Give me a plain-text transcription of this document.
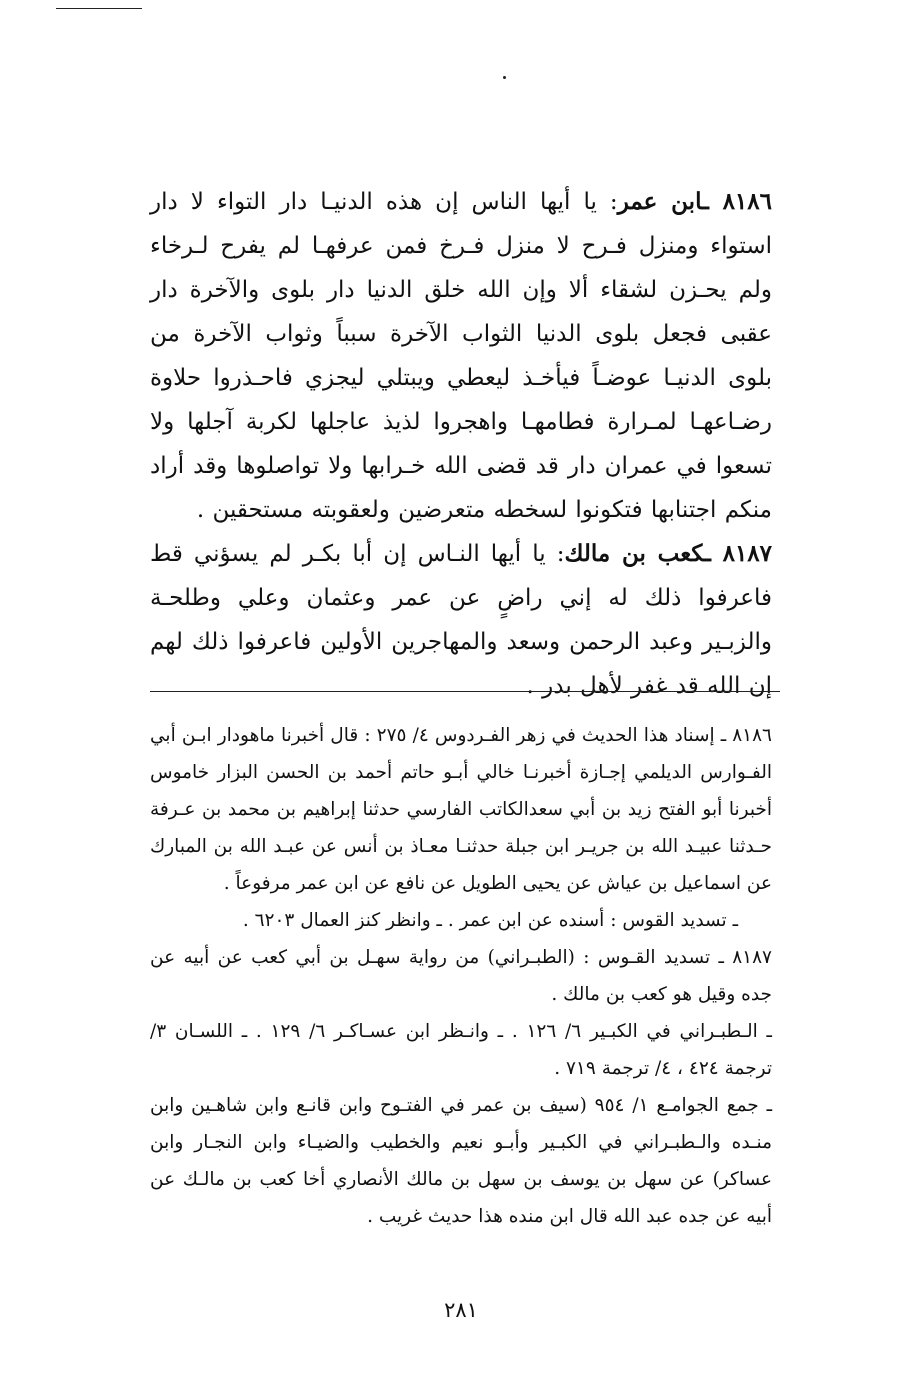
٨١٨٦ ـابن عمر: يا أيها الناس إن هذه الدنيـا دار التواء لا دار استواء ومنزل فـرح لا منزل فـرخ فمن عرفهـا لم يفرح لـرخاء ولم يحـزن لشقاء ألا وإن الله خلق الدنيا دار بلوى والآخرة دار عقبى فجعل بلوى الدنيا الثواب الآخرة سبباً وثواب الآخرة من بلوى الدنيـا عوضـاً فيأخـذ ليعطي ويبتلي ليجزي فاحـذروا حلاوة رضـاعهـا لمـرارة فطامهـا واهجروا لذيذ عاجلها لكربة آجلها ولا تسعوا في عمران دار قد قضى الله خـرابها ولا تواصلوها وقد أراد منكم اجتنابها فتكونوا لسخطه متعرضين ولعقوبته مستحقين .

٨١٨٧ ـكعب بن مالك: يا أيها النـاس إن أبا بكـر لم يسؤني قط فاعرفوا ذلك له إني راضٍ عن عمر وعثمان وعلي وطلحـة والزبـير وعبد الرحمن وسعد والمهاجرين الأولين فاعرفوا ذلك لهم إن الله قد غفر لأهل بدر .

٨١٨٦ ـ إسناد هذا الحديث في زهر الفـردوس ٤/ ٢٧٥ : قال أخبرنا ماهودار ابـن أبي الفـوارس الديلمي إجـازة أخبرنـا خالي أبـو حاتم أحمد بن الحسن البزار خاموس أخبرنا أبو الفتح زيد بن أبي سعدالكاتب الفارسي حدثنا إبراهيم بن محمد بن عـرفة حـدثنا عبيـد الله بن جريـر ابن جبلة حدثنـا معـاذ بن أنس عن عبـد الله بن المبارك عن اسماعيل بن عياش عن يحيى الطويل عن نافع عن ابن عمر مرفوعاً .

ـ تسديد القوس : أسنده عن ابن عمر . ـ وانظر كنز العمال ٦٢٠٣ .

٨١٨٧ ـ تسديد القـوس : (الطبـراني) من رواية سهـل بن أبي كعب عن أبيه عن جده وقيل هو كعب بن مالك .

ـ الـطبـراني في الكبـير ٦/ ١٢٦ . ـ وانـظر ابن عسـاكـر ٦/ ١٢٩ . ـ اللسـان ٣/ ترجمة ٤٢٤ ، ٤/ ترجمة ٧١٩ .

ـ جمع الجوامـع ١/ ٩٥٤ (سيف بن عمر في الفتـوح وابن قانـع وابن شاهـين وابن منـده والـطبـراني في الكبـير وأبـو نعيم والخطيب والضيـاء وابن النجـار وابن عساكر) عن سهل بن يوسف بن سهل بن مالك الأنصاري أخا كعب بن مالـك عن أبيه عن جده عبد الله قال ابن منده هذا حديث غريب .

٢٨١
